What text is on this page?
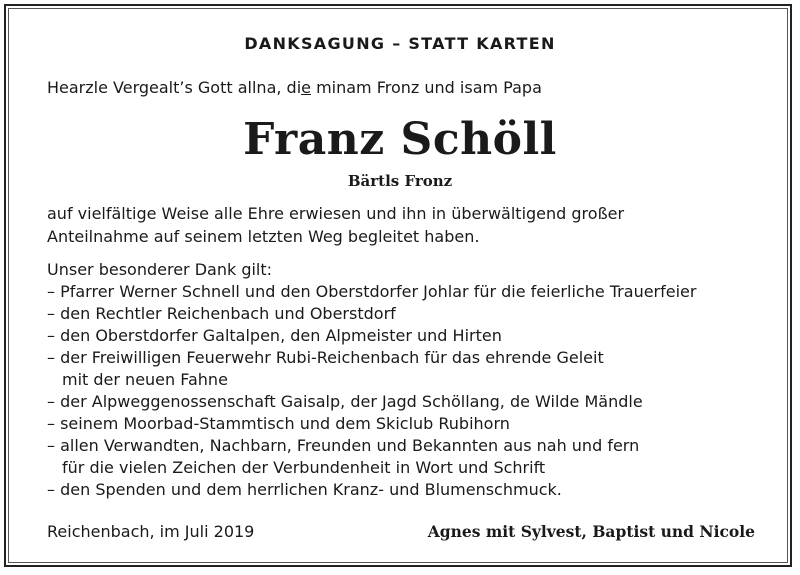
DANKSAGUNG – STATT KARTEN
Hearzle Vergealt’s Gott allna, die minam Fronz und isam Papa
Franz Schöll
Bärtls Fronz
auf vielfältige Weise alle Ehre erwiesen und ihn in überwältigend großer
Anteilnahme auf seinem letzten Weg begleitet haben.
Unser besonderer Dank gilt:
– Pfarrer Werner Schnell und den Oberstdorfer Johlar für die feierliche Trauerfeier
– den Rechtler Reichenbach und Oberstdorf
– den Oberstdorfer Galtalpen, den Alpmeister und Hirten
– der Freiwilligen Feuerwehr Rubi-Reichenbach für das ehrende Geleit
mit der neuen Fahne
– der Alpweggenossenschaft Gaisalp, der Jagd Schöllang, de Wilde Mändle
– seinem Moorbad-Stammtisch und dem Skiclub Rubihorn
– allen Verwandten, Nachbarn, Freunden und Bekannten aus nah und fern
für die vielen Zeichen der Verbundenheit in Wort und Schrift
– den Spenden und dem herrlichen Kranz- und Blumenschmuck.
Reichenbach, im Juli 2019	Agnes mit Sylvest, Baptist und Nicole
